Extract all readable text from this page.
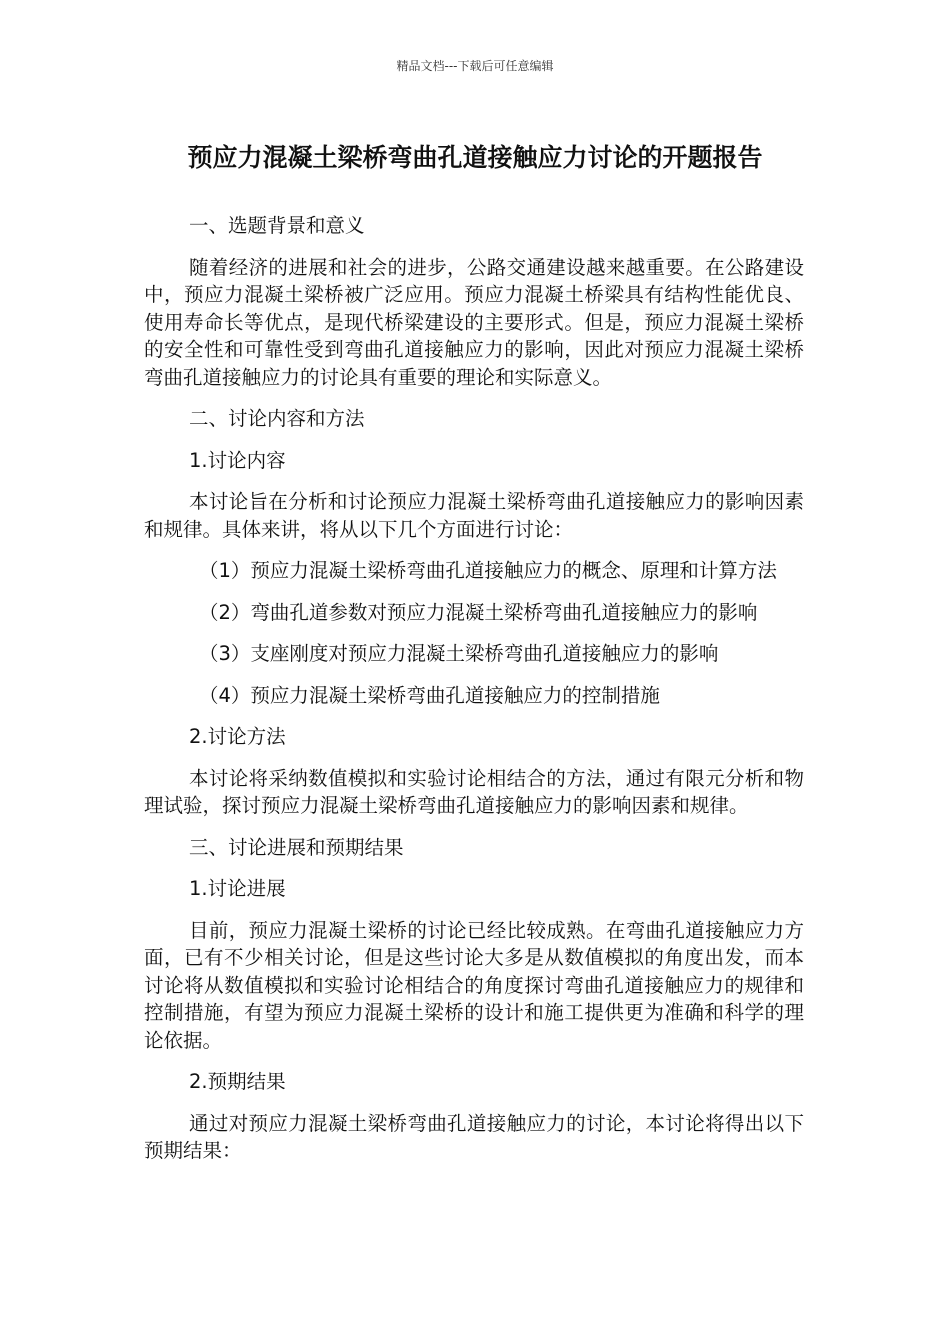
精品文档---下载后可任意编辑
预应力混凝土梁桥弯曲孔道接触应力讨论的开题报告

一、选题背景和意义

随着经济的进展和社会的进步，公路交通建设越来越重要。在公路建设中，预应力混凝土梁桥被广泛应用。预应力混凝土桥梁具有结构性能优良、使用寿命长等优点，是现代桥梁建设的主要形式。但是，预应力混凝土梁桥的安全性和可靠性受到弯曲孔道接触应力的影响，因此对预应力混凝土梁桥弯曲孔道接触应力的讨论具有重要的理论和实际意义。

二、讨论内容和方法

1.讨论内容

本讨论旨在分析和讨论预应力混凝土梁桥弯曲孔道接触应力的影响因素和规律。具体来讲，将从以下几个方面进行讨论：

（1）预应力混凝土梁桥弯曲孔道接触应力的概念、原理和计算方法

（2）弯曲孔道参数对预应力混凝土梁桥弯曲孔道接触应力的影响

（3）支座刚度对预应力混凝土梁桥弯曲孔道接触应力的影响

（4）预应力混凝土梁桥弯曲孔道接触应力的控制措施

2.讨论方法

本讨论将采纳数值模拟和实验讨论相结合的方法，通过有限元分析和物理试验，探讨预应力混凝土梁桥弯曲孔道接触应力的影响因素和规律。

三、讨论进展和预期结果

1.讨论进展

目前，预应力混凝土梁桥的讨论已经比较成熟。在弯曲孔道接触应力方面，已有不少相关讨论，但是这些讨论大多是从数值模拟的角度出发，而本讨论将从数值模拟和实验讨论相结合的角度探讨弯曲孔道接触应力的规律和控制措施，有望为预应力混凝土梁桥的设计和施工提供更为准确和科学的理论依据。

2.预期结果

通过对预应力混凝土梁桥弯曲孔道接触应力的讨论，本讨论将得出以下预期结果：
